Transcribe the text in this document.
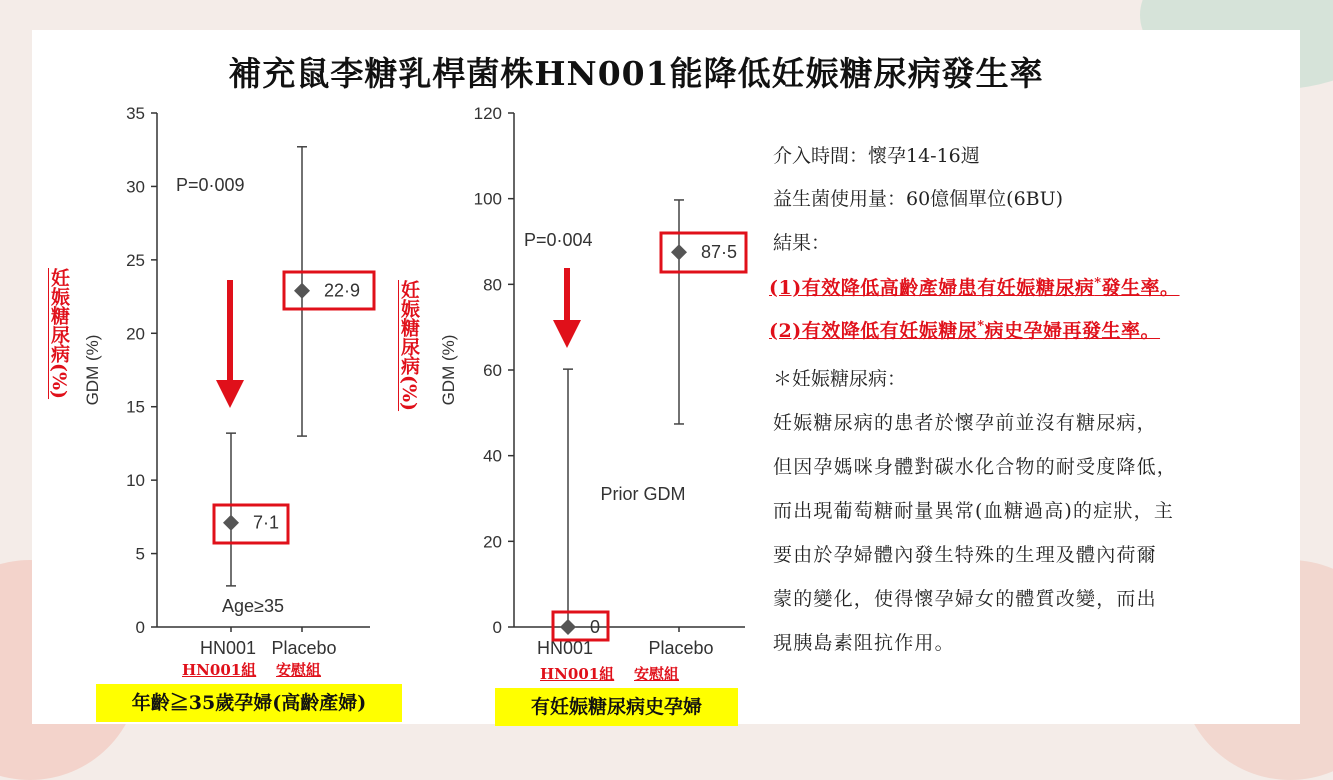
補充鼠李糖乳桿菌株HN001能降低妊娠糖尿病發生率
0
5
10
15
20
25
30
35
HN001 Placebo
GDM (%)
7·1
22·9
P=0·009
Age≥35
0
20
40
60
80
100
120
HN001	Placebo
GDM (%)
0
87·5
P=0·004
Prior GDM
妊娠糖尿病(%)	妊娠糖尿病(%)
HN001組 安慰組	HN001組 安慰組
年齡≧35歲孕婦(高齡產婦)	有妊娠糖尿病史孕婦

介入時間：懷孕14-16週

益生菌使用量：60億個單位(6BU)

結果：

(1)有效降低高齡產婦患有妊娠糖尿病*發生率。

(2)有效降低有妊娠糖尿*病史孕婦再發生率。

＊妊娠糖尿病：

妊娠糖尿病的患者於懷孕前並沒有糖尿病，

但因孕媽咪身體對碳水化合物的耐受度降低，

而出現葡萄糖耐量異常(血糖過高)的症狀，主

要由於孕婦體內發生特殊的生理及體內荷爾

蒙的變化，使得懷孕婦女的體質改變，而出

現胰島素阻抗作用。
